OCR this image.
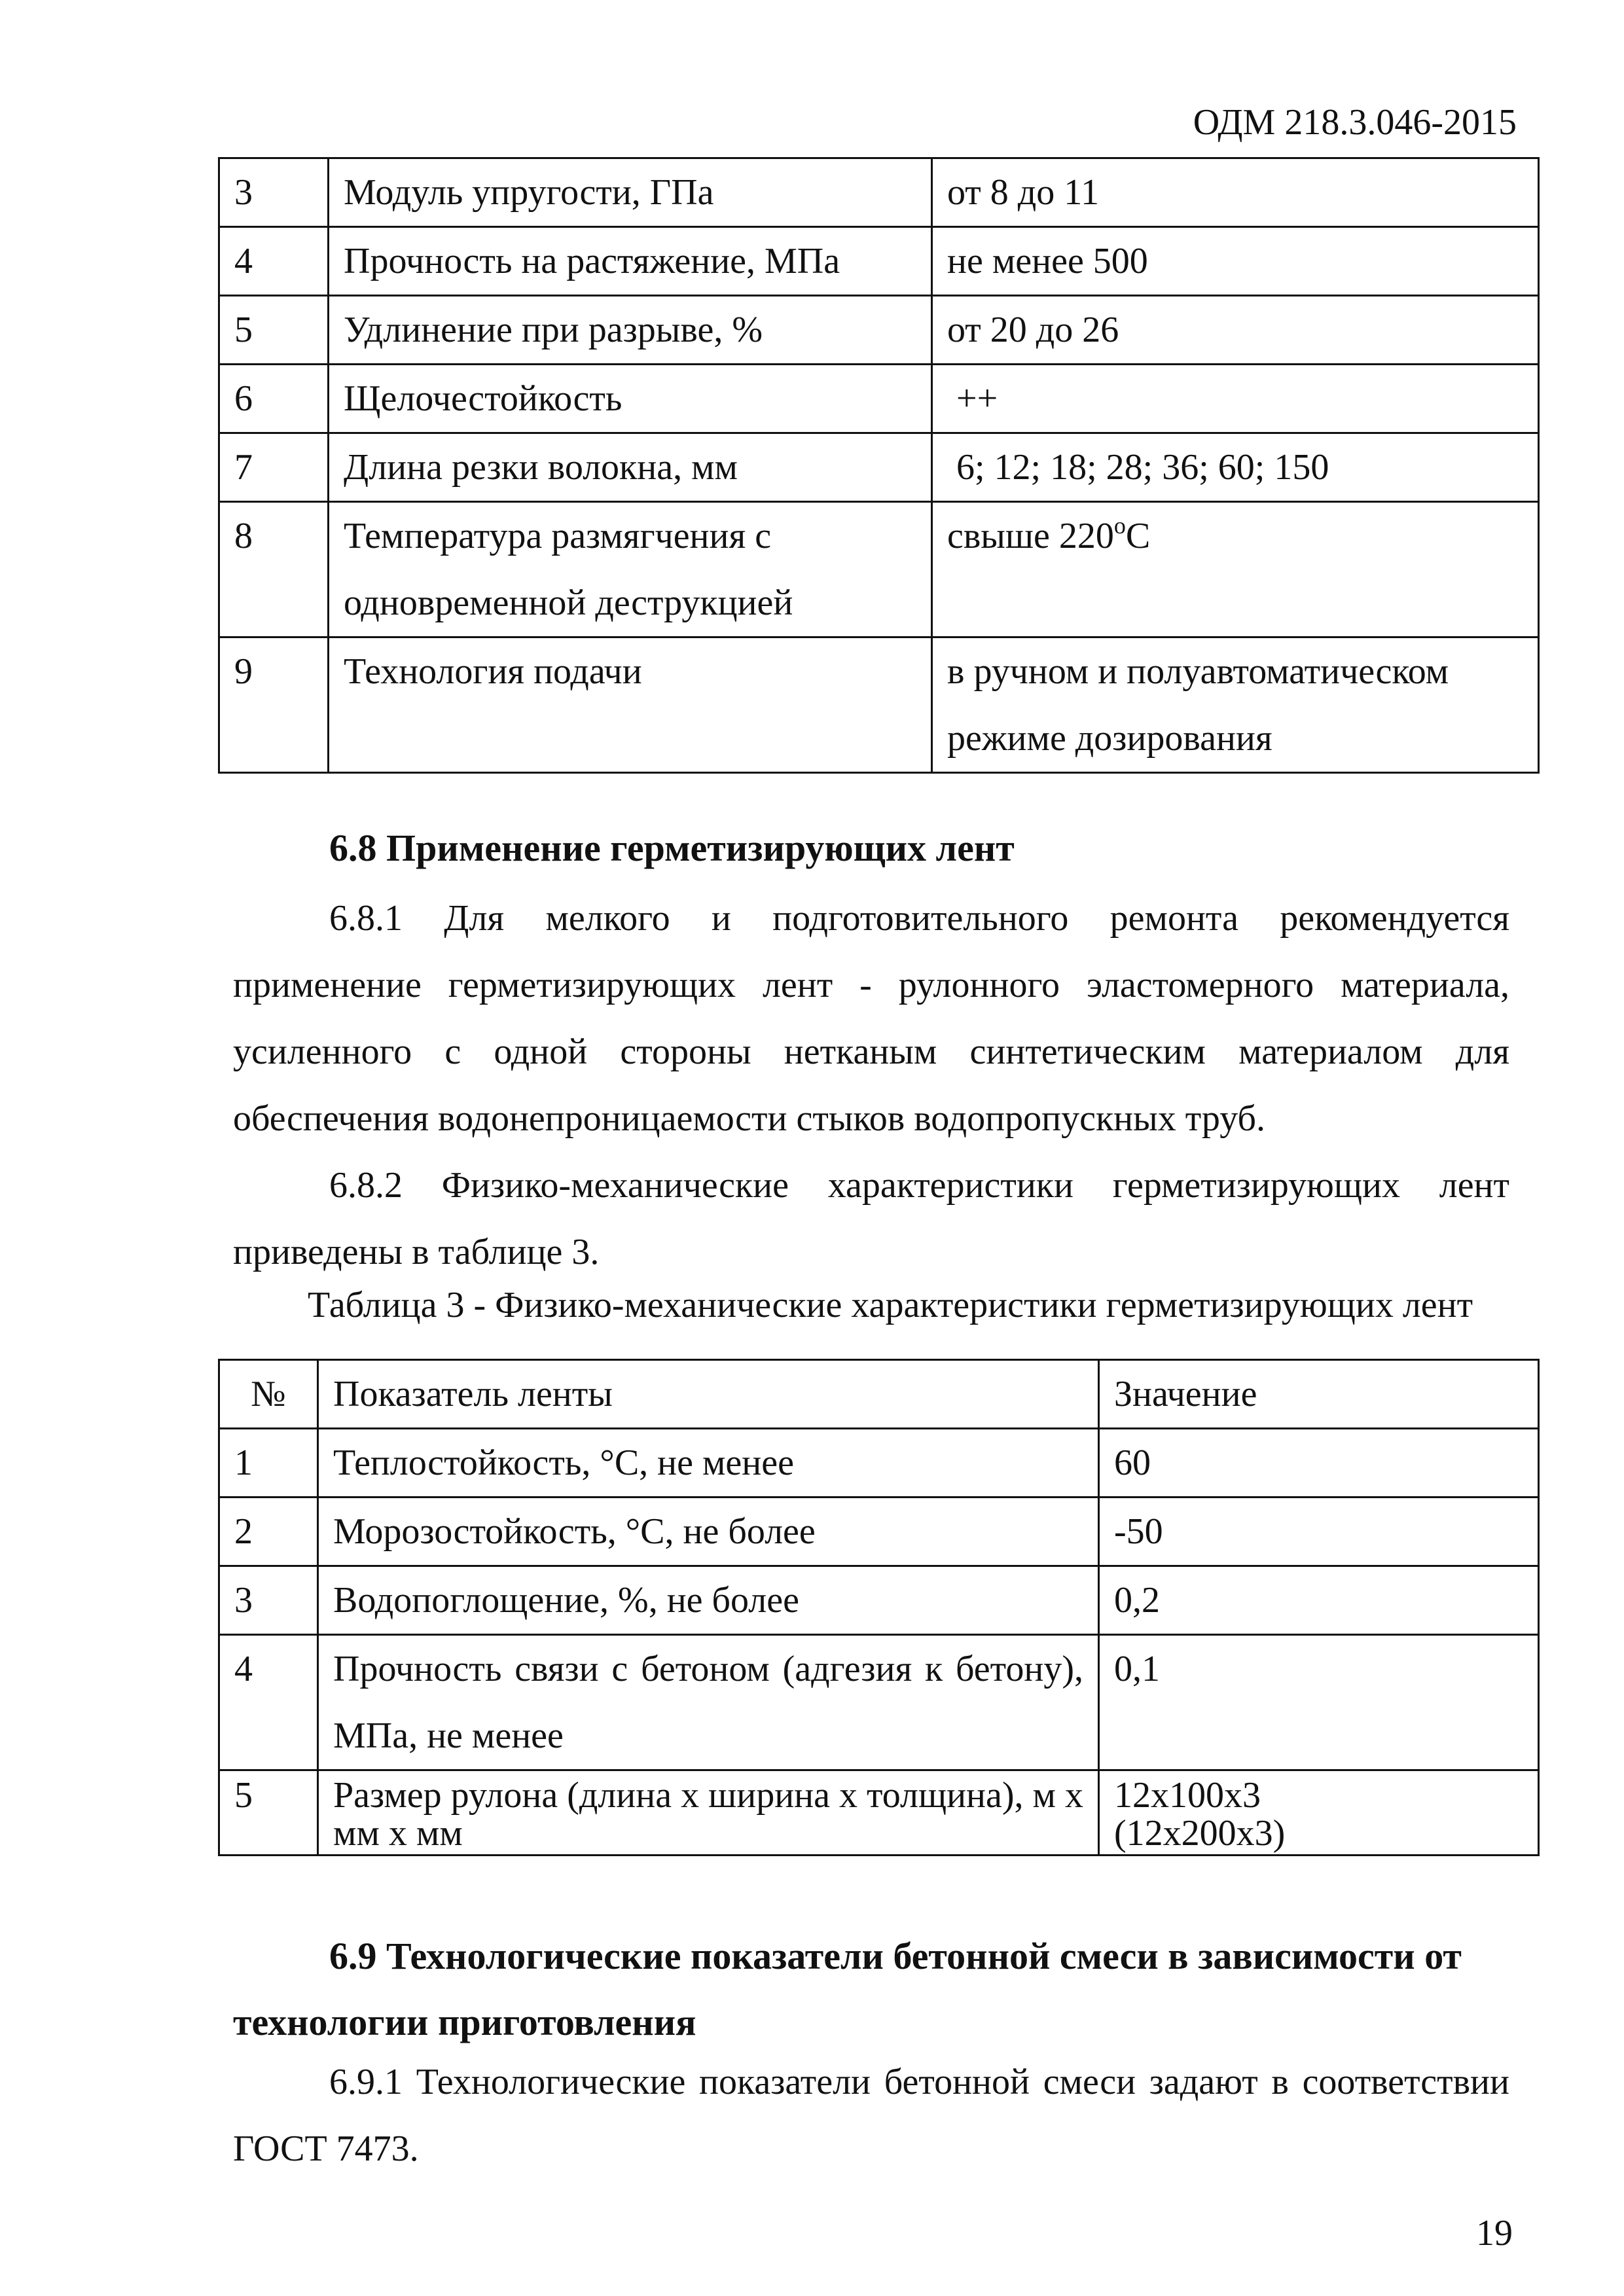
ОДМ 218.3.046-2015
3	Модуль упругости, ГПа	от 8 до 11
4	Прочность на растяжение, МПа	не менее 500
5	Удлинение при разрыве, %	от 20 до 26
6	Щелочестойкость	++
7	Длина резки волокна, мм	6; 12; 18; 28; 36; 60; 150
8	Температура размягчения с одновременной деструкцией	свыше $220^оС$
9	Технология подачи	в ручном и полуавтоматическом режиме дозирования
6.8 Применение герметизирующих лент
6.8.1 Для мелкого и подготовительного ремонта рекомендуется применение герметизирующих лент - рулонного эластомерного материала, усиленного с одной стороны нетканым синтетическим материалом для обеспечения водонепроницаемости стыков водопропускных труб.
6.8.2 Физико-механические характеристики герметизирующих лент приведены в таблице 3.
Таблица 3 - Физико-механические характеристики герметизирующих лент
№	Показатель ленты	Значение
1	Теплостойкость, °С, не менее	60
2	Морозостойкость, °С, не более	-50
3	Водопоглощение, %, не более	0,2
4	Прочность связи с бетоном (адгезия к бетону), МПа, не менее	0,1
5	Размер рулона (длина х ширина х толщина), м х мм х мм	12х100х3
(12х200х3)
6.9 Технологические показатели бетонной смеси в зависимости от
технологии приготовления
6.9.1 Технологические показатели бетонной смеси задают в соответствии ГОСТ 7473.
19
